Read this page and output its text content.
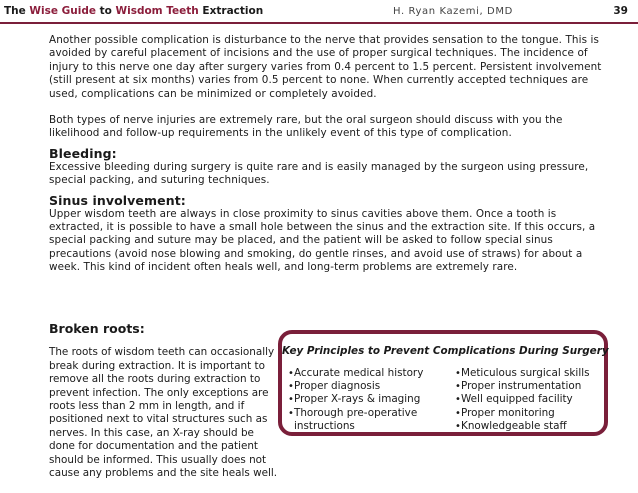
The Wise Guide to Wisdom Teeth Extraction	H. Ryan Kazemi, DMD	39

Another possible complication is disturbance to the nerve that provides sensation to the tongue. This is avoided by careful placement of incisions and the use of proper surgical techniques. The incidence of injury to this nerve one day after surgery varies from 0.4 percent to 1.5 percent. Persistent involvement (still present at six months) varies from 0.5 percent to none. When currently accepted techniques are used, complications can be minimized or completely avoided.

Both types of nerve injuries are extremely rare, but the oral surgeon should discuss with you the likelihood and follow-up requirements in the unlikely event of this type of complication.

Bleeding:

Excessive bleeding during surgery is quite rare and is easily managed by the surgeon using pressure, special packing, and suturing techniques.

Sinus involvement:

Upper wisdom teeth are always in close proximity to sinus cavities above them. Once a tooth is extracted, it is possible to have a small hole between the sinus and the extraction site. If this occurs, a special packing and suture may be placed, and the patient will be asked to follow special sinus precautions (avoid nose blowing and smoking, do gentle rinses, and avoid use of straws) for about a week. This kind of incident often heals well, and long-term problems are extremely rare.

Broken roots:

The roots of wisdom teeth can occasionally break during extraction. It is important to remove all the roots during extraction to prevent infection. The only exceptions are roots less than 2 mm in length, and if positioned next to vital structures such as nerves. In this case, an X-ray should be done for documentation and the patient should be informed. This usually does not cause any problems and the site heals well.

Key Principles to Prevent Complications During Surgery
• Accurate medical history
• Proper diagnosis
• Proper X-rays & imaging
• Thorough pre-operative instructions
• Meticulous surgical skills
• Proper instrumentation
• Well equipped facility
• Proper monitoring
• Knowledgeable staff
